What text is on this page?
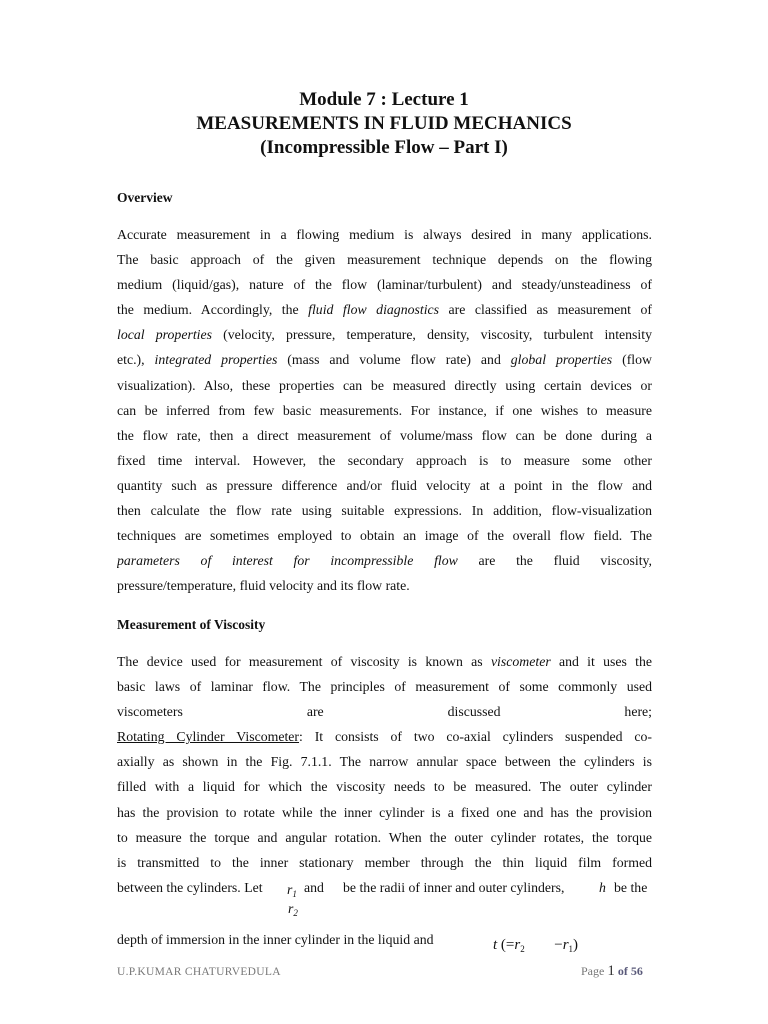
Module 7 : Lecture 1
MEASUREMENTS IN FLUID MECHANICS
(Incompressible Flow – Part I)
Overview
Accurate measurement in a flowing medium is always desired in many applications.
The basic approach of the given measurement technique depends on the flowing
medium (liquid/gas), nature of the flow (laminar/turbulent) and steady/unsteadiness of
the medium. Accordingly, the fluid flow diagnostics are classified as measurement of
local properties (velocity, pressure, temperature, density, viscosity, turbulent intensity
etc.), integrated properties (mass and volume flow rate) and global properties (flow
visualization). Also, these properties can be measured directly using certain devices or
can be inferred from few basic measurements. For instance, if one wishes to measure
the flow rate, then a direct measurement of volume/mass flow can be done during a
fixed time interval. However, the secondary approach is to measure some other
quantity such as pressure difference and/or fluid velocity at a point in the flow and
then calculate the flow rate using suitable expressions. In addition, flow-visualization
techniques are sometimes employed to obtain an image of the overall flow field. The
parameters of interest for incompressible flow are the fluid viscosity,
pressure/temperature, fluid velocity and its flow rate.
Measurement of Viscosity
The device used for measurement of viscosity is known as viscometer and it uses the
basic laws of laminar flow. The principles of measurement of some commonly used
viscometers are discussed here;
Rotating Cylinder Viscometer: It consists of two co-axial cylinders suspended co-
axially as shown in the Fig. 7.1.1. The narrow annular space between the cylinders is
filled with a liquid for which the viscosity needs to be measured. The outer cylinder
has the provision to rotate while the inner cylinder is a fixed one and has the provision
to measure the torque and angular rotation. When the outer cylinder rotates, the torque
is transmitted to the inner stationary member through the thin liquid film formed
between the cylinders. Let $r_1$ and
$r_2$
be the radii of inner and outer cylinders,	h be the
depth of immersion in the inner cylinder in the liquid and	t $(=r_2 -r_1)$
U.P.KUMAR CHATURVEDULA	Page 1 of 56
